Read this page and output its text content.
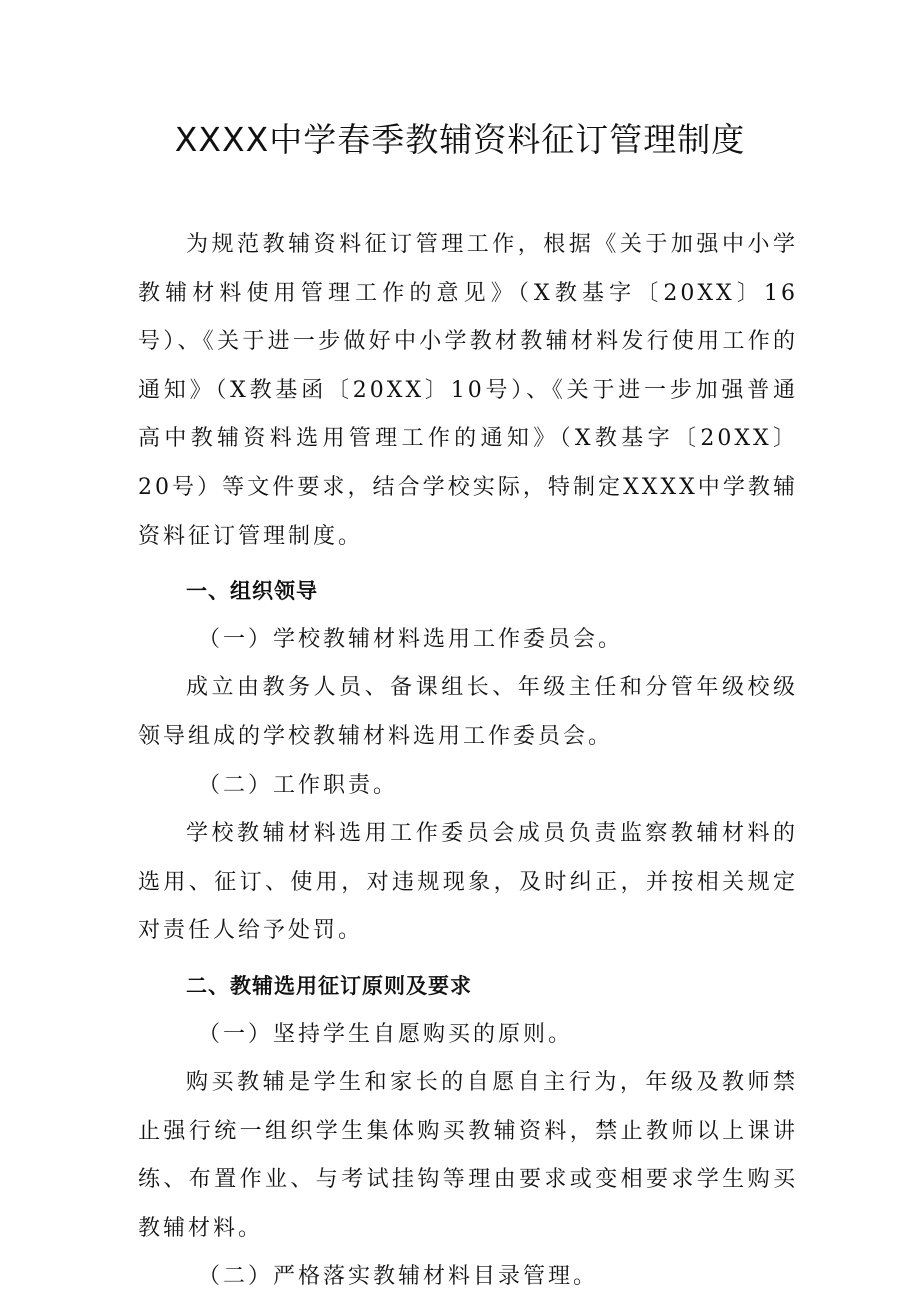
XXXX中学春季教辅资料征订管理制度

为规范教辅资料征订管理工作，根据《关于加强中小学教辅材料使用管理工作的意见》（X教基字〔20XX〕16号）、《关于进一步做好中小学教材教辅材料发行使用工作的通知》（X教基函〔20XX〕10号）、《关于进一步加强普通高中教辅资料选用管理工作的通知》（X教基字〔20XX〕20号）等文件要求，结合学校实际，特制定XXXX中学教辅资料征订管理制度。

一、组织领导

（一）学校教辅材料选用工作委员会。

成立由教务人员、备课组长、年级主任和分管年级校级领导组成的学校教辅材料选用工作委员会。

（二）工作职责。

学校教辅材料选用工作委员会成员负责监察教辅材料的选用、征订、使用，对违规现象，及时纠正，并按相关规定对责任人给予处罚。

二、教辅选用征订原则及要求

（一）坚持学生自愿购买的原则。

购买教辅是学生和家长的自愿自主行为，年级及教师禁止强行统一组织学生集体购买教辅资料，禁止教师以上课讲练、布置作业、与考试挂钩等理由要求或变相要求学生购买教辅材料。

（二）严格落实教辅材料目录管理。
